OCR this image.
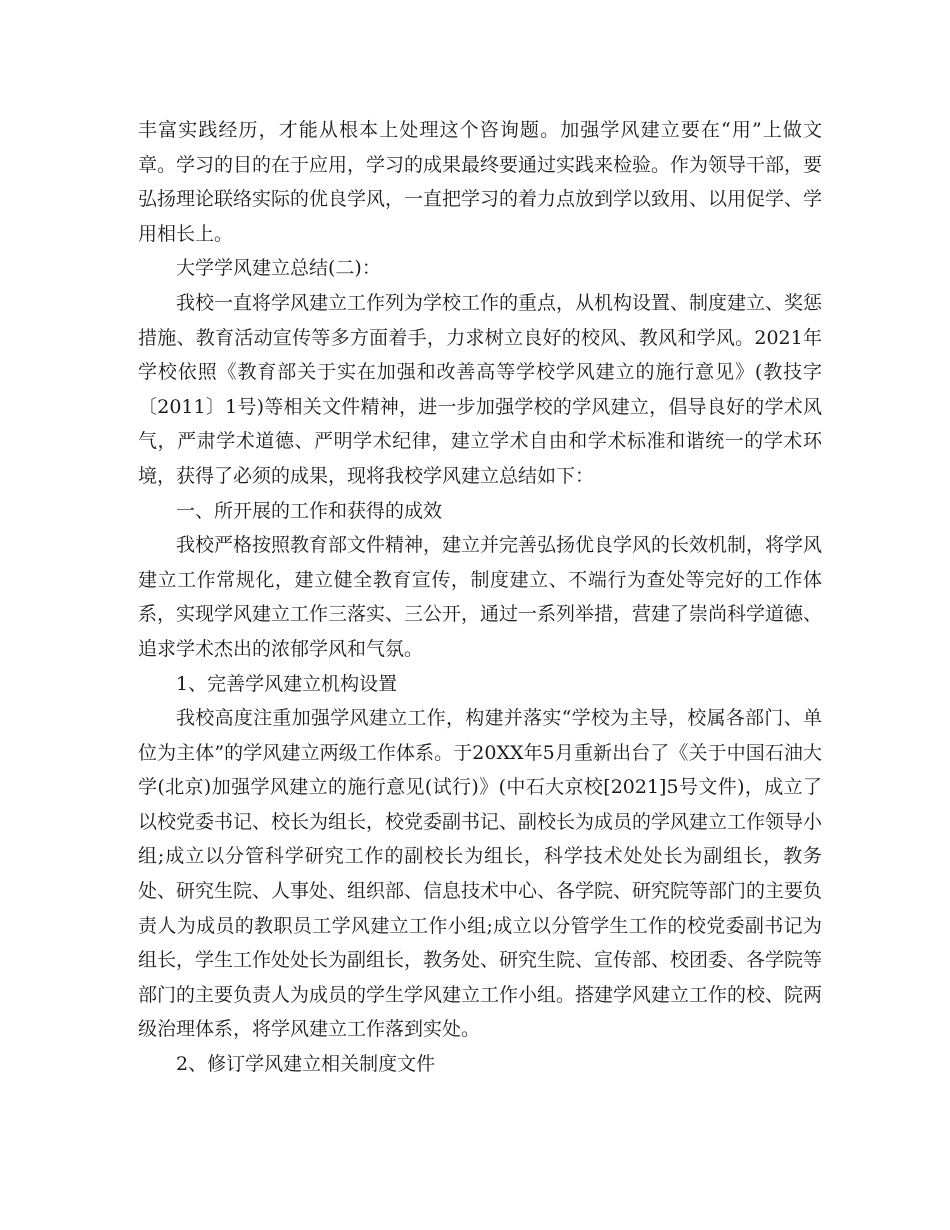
丰富实践经历，才能从根本上处理这个咨询题。加强学风建立要在“用”上做文章。学习的目的在于应用，学习的成果最终要通过实践来检验。作为领导干部，要弘扬理论联络实际的优良学风，一直把学习的着力点放到学以致用、以用促学、学用相长上。

大学学风建立总结(二)：

我校一直将学风建立工作列为学校工作的重点，从机构设置、制度建立、奖惩措施、教育活动宣传等多方面着手，力求树立良好的校风、教风和学风。2021年学校依照《教育部关于实在加强和改善高等学校学风建立的施行意见》(教技字〔2011〕1号)等相关文件精神，进一步加强学校的学风建立，倡导良好的学术风气，严肃学术道德、严明学术纪律，建立学术自由和学术标准和谐统一的学术环境，获得了必须的成果，现将我校学风建立总结如下：

一、所开展的工作和获得的成效

我校严格按照教育部文件精神，建立并完善弘扬优良学风的长效机制，将学风建立工作常规化，建立健全教育宣传，制度建立、不端行为查处等完好的工作体系，实现学风建立工作三落实、三公开，通过一系列举措，营建了崇尚科学道德、追求学术杰出的浓郁学风和气氛。

1、完善学风建立机构设置

我校高度注重加强学风建立工作，构建并落实“学校为主导，校属各部门、单位为主体”的学风建立两级工作体系。于20XX年5月重新出台了《关于中国石油大学(北京)加强学风建立的施行意见(试行)》(中石大京校[2021]5号文件)，成立了以校党委书记、校长为组长，校党委副书记、副校长为成员的学风建立工作领导小组;成立以分管科学研究工作的副校长为组长，科学技术处处长为副组长，教务处、研究生院、人事处、组织部、信息技术中心、各学院、研究院等部门的主要负责人为成员的教职员工学风建立工作小组;成立以分管学生工作的校党委副书记为组长，学生工作处处长为副组长，教务处、研究生院、宣传部、校团委、各学院等部门的主要负责人为成员的学生学风建立工作小组。搭建学风建立工作的校、院两级治理体系，将学风建立工作落到实处。

2、修订学风建立相关制度文件
